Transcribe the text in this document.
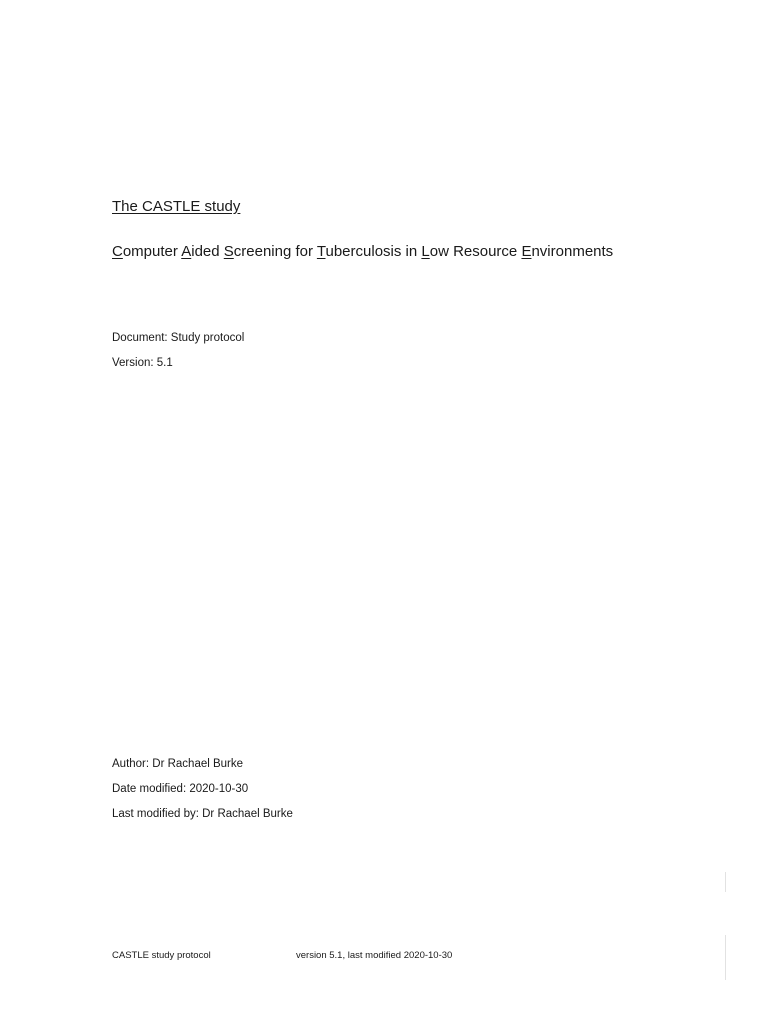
The CASTLE study
Computer Aided Screening for Tuberculosis in Low Resource Environments
Document: Study protocol
Version: 5.1
Author: Dr Rachael Burke
Date modified: 2020-10-30
Last modified by: Dr Rachael Burke
CASTLE study protocol	version 5.1, last modified 2020-10-30
